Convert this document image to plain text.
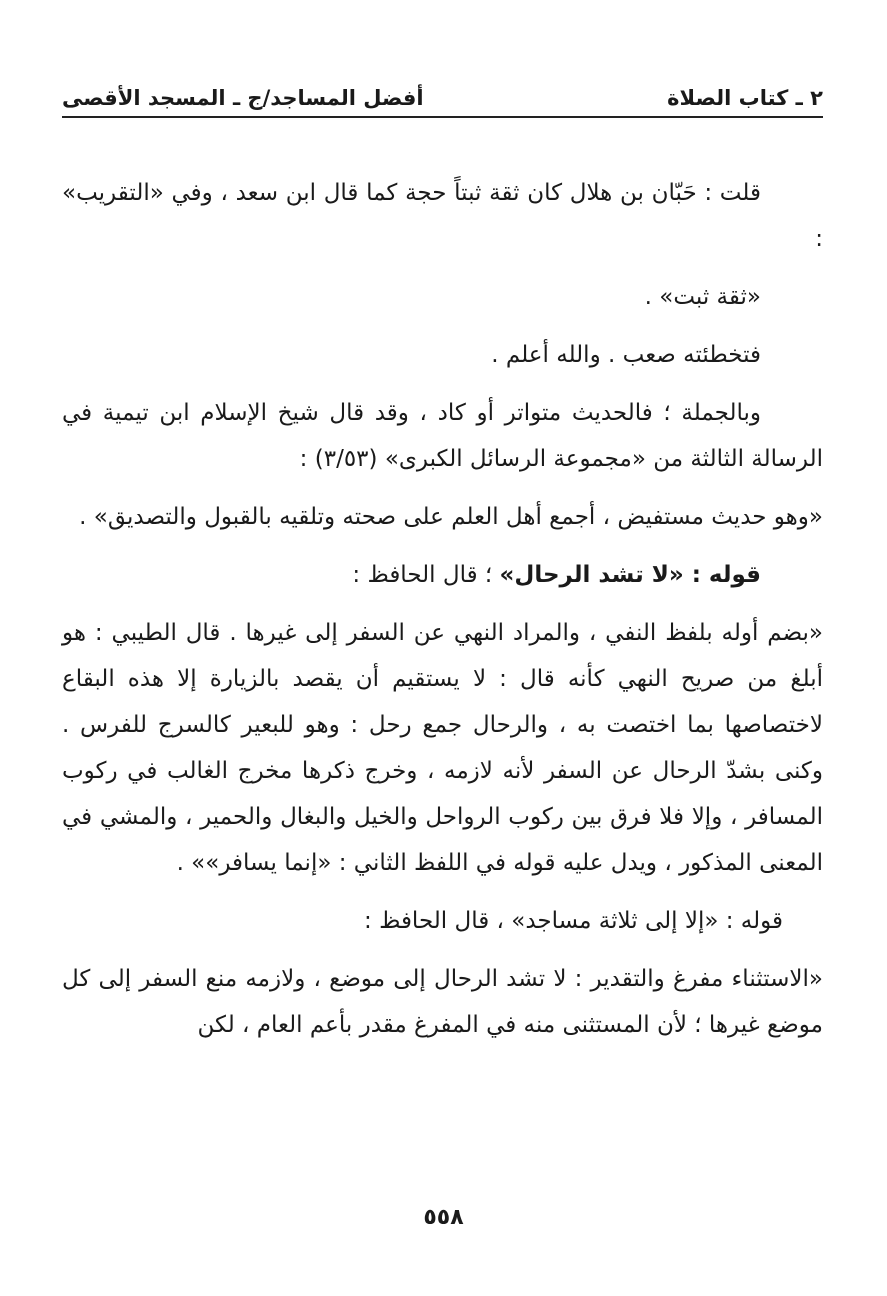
٢ ـ كتاب الصلاة
أفضل المساجد/ج ـ المسجد الأقصى

قلت : حَبّان بن هلال كان ثقة ثبتاً حجة كما قال ابن سعد ، وفي «التقريب» :

«ثقة ثبت» .

فتخطئته صعب . والله أعلم .

وبالجملة ؛ فالحديث متواتر أو كاد ، وقد قال شيخ الإسلام ابن تيمية في الرسالة الثالثة من «مجموعة الرسائل الكبرى» (٣/٥٣) :

«وهو حديث مستفيض ، أجمع أهل العلم على صحته وتلقيه بالقبول والتصديق» .

قوله : «لا تشد الرحال» ؛ قال الحافظ :

«بضم أوله بلفظ النفي ، والمراد النهي عن السفر إلى غيرها . قال الطيبي : هو أبلغ من صريح النهي كأنه قال : لا يستقيم أن يقصد بالزيارة إلا هذه البقاع لاختصاصها بما اختصت به ، والرحال جمع رحل : وهو للبعير كالسرج للفرس . وكنى بشدّ الرحال عن السفر لأنه لازمه ، وخرج ذكرها مخرج الغالب في ركوب المسافر ، وإلا فلا فرق بين ركوب الرواحل والخيل والبغال والحمير ، والمشي في المعنى المذكور ، ويدل عليه قوله في اللفظ الثاني : «إنما يسافر»» .

قوله : «إلا إلى ثلاثة مساجد» ، قال الحافظ :

«الاستثناء مفرغ والتقدير : لا تشد الرحال إلى موضع ، ولازمه منع السفر إلى كل موضع غيرها ؛ لأن المستثنى منه في المفرغ مقدر بأعم العام ، لكن

٥٥٨
